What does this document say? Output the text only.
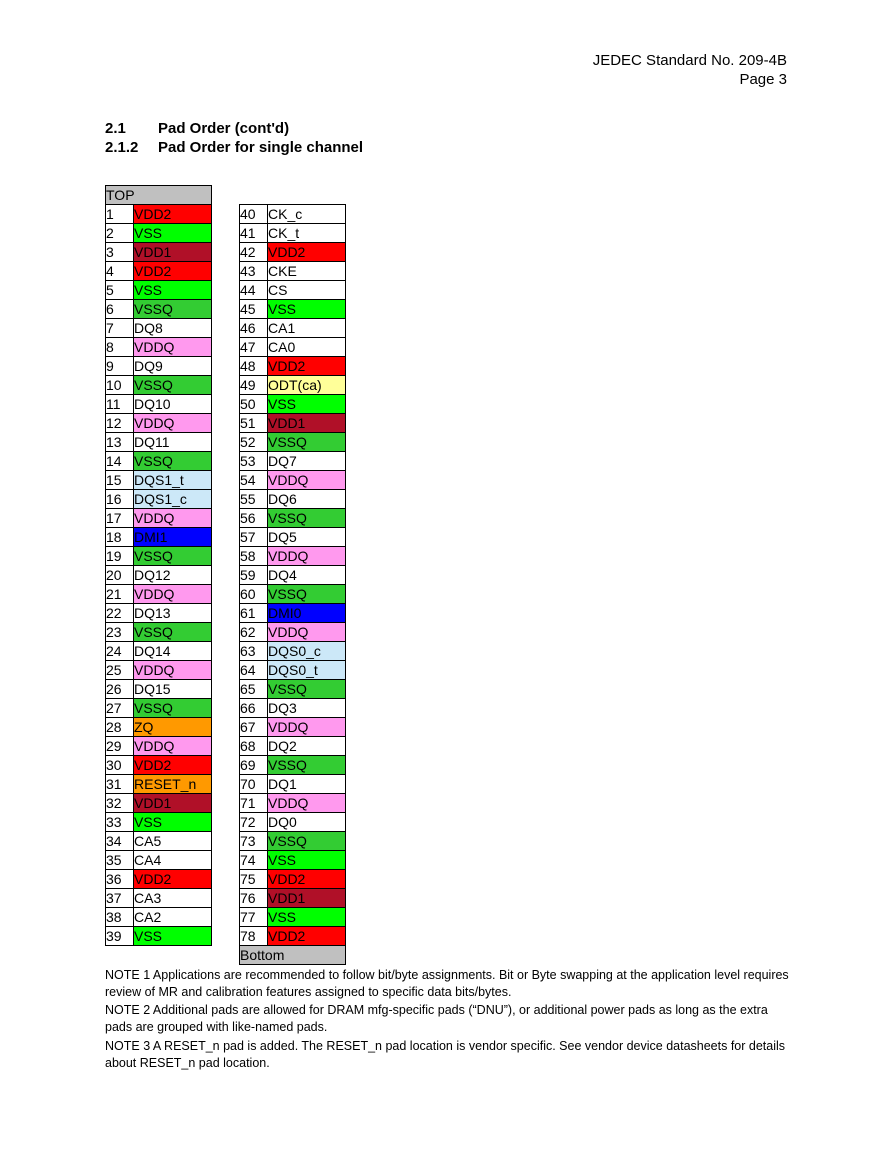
JEDEC Standard No. 209-4B
Page 3
2.1 Pad Order (cont'd)
2.1.2 Pad Order for single channel
TOP
1	VDD2
2	VSS
3	VDD1
4	VDD2
5	VSS
6	VSSQ
7	DQ8
8	VDDQ
9	DQ9
10 VSSQ
11 DQ10
12 VDDQ
13 DQ11
14 VSSQ
15 DQS1_t
16 DQS1_c
17 VDDQ
18 DMI1
19 VSSQ
20 DQ12
21 VDDQ
22 DQ13
23 VSSQ
24 DQ14
25 VDDQ
26 DQ15
27 VSSQ
28 ZQ
29 VDDQ
30 VDD2
31 RESET_n
32 VDD1
33 VSS
34 CA5
35 CA4
36 VDD2
37 CA3
38 CA2
39 VSS
40 CK_c
41 CK_t
42 VDD2
43 CKE
44 CS
45 VSS
46 CA1
47 CA0
48 VDD2
49 ODT(ca)
50 VSS
51 VDD1
52 VSSQ
53 DQ7
54 VDDQ
55 DQ6
56 VSSQ
57 DQ5
58 VDDQ
59 DQ4
60 VSSQ
61 DMI0
62 VDDQ
63 DQS0_c
64 DQS0_t
65 VSSQ
66 DQ3
67 VDDQ
68 DQ2
69 VSSQ
70 DQ1
71 VDDQ
72 DQ0
73 VSSQ
74 VSS
75 VDD2
76 VDD1
77 VSS
78 VDD2
Bottom
NOTE 1 Applications are recommended to follow bit/byte assignments. Bit or Byte swapping at the application level requires review of MR and calibration features assigned to specific data bits/bytes.
NOTE 2 Additional pads are allowed for DRAM mfg-specific pads (“DNU”), or additional power pads as long as the extra pads are grouped with like-named pads.
NOTE 3 A RESET_n pad is added. The RESET_n pad location is vendor specific. See vendor device datasheets for details about RESET_n pad location.
